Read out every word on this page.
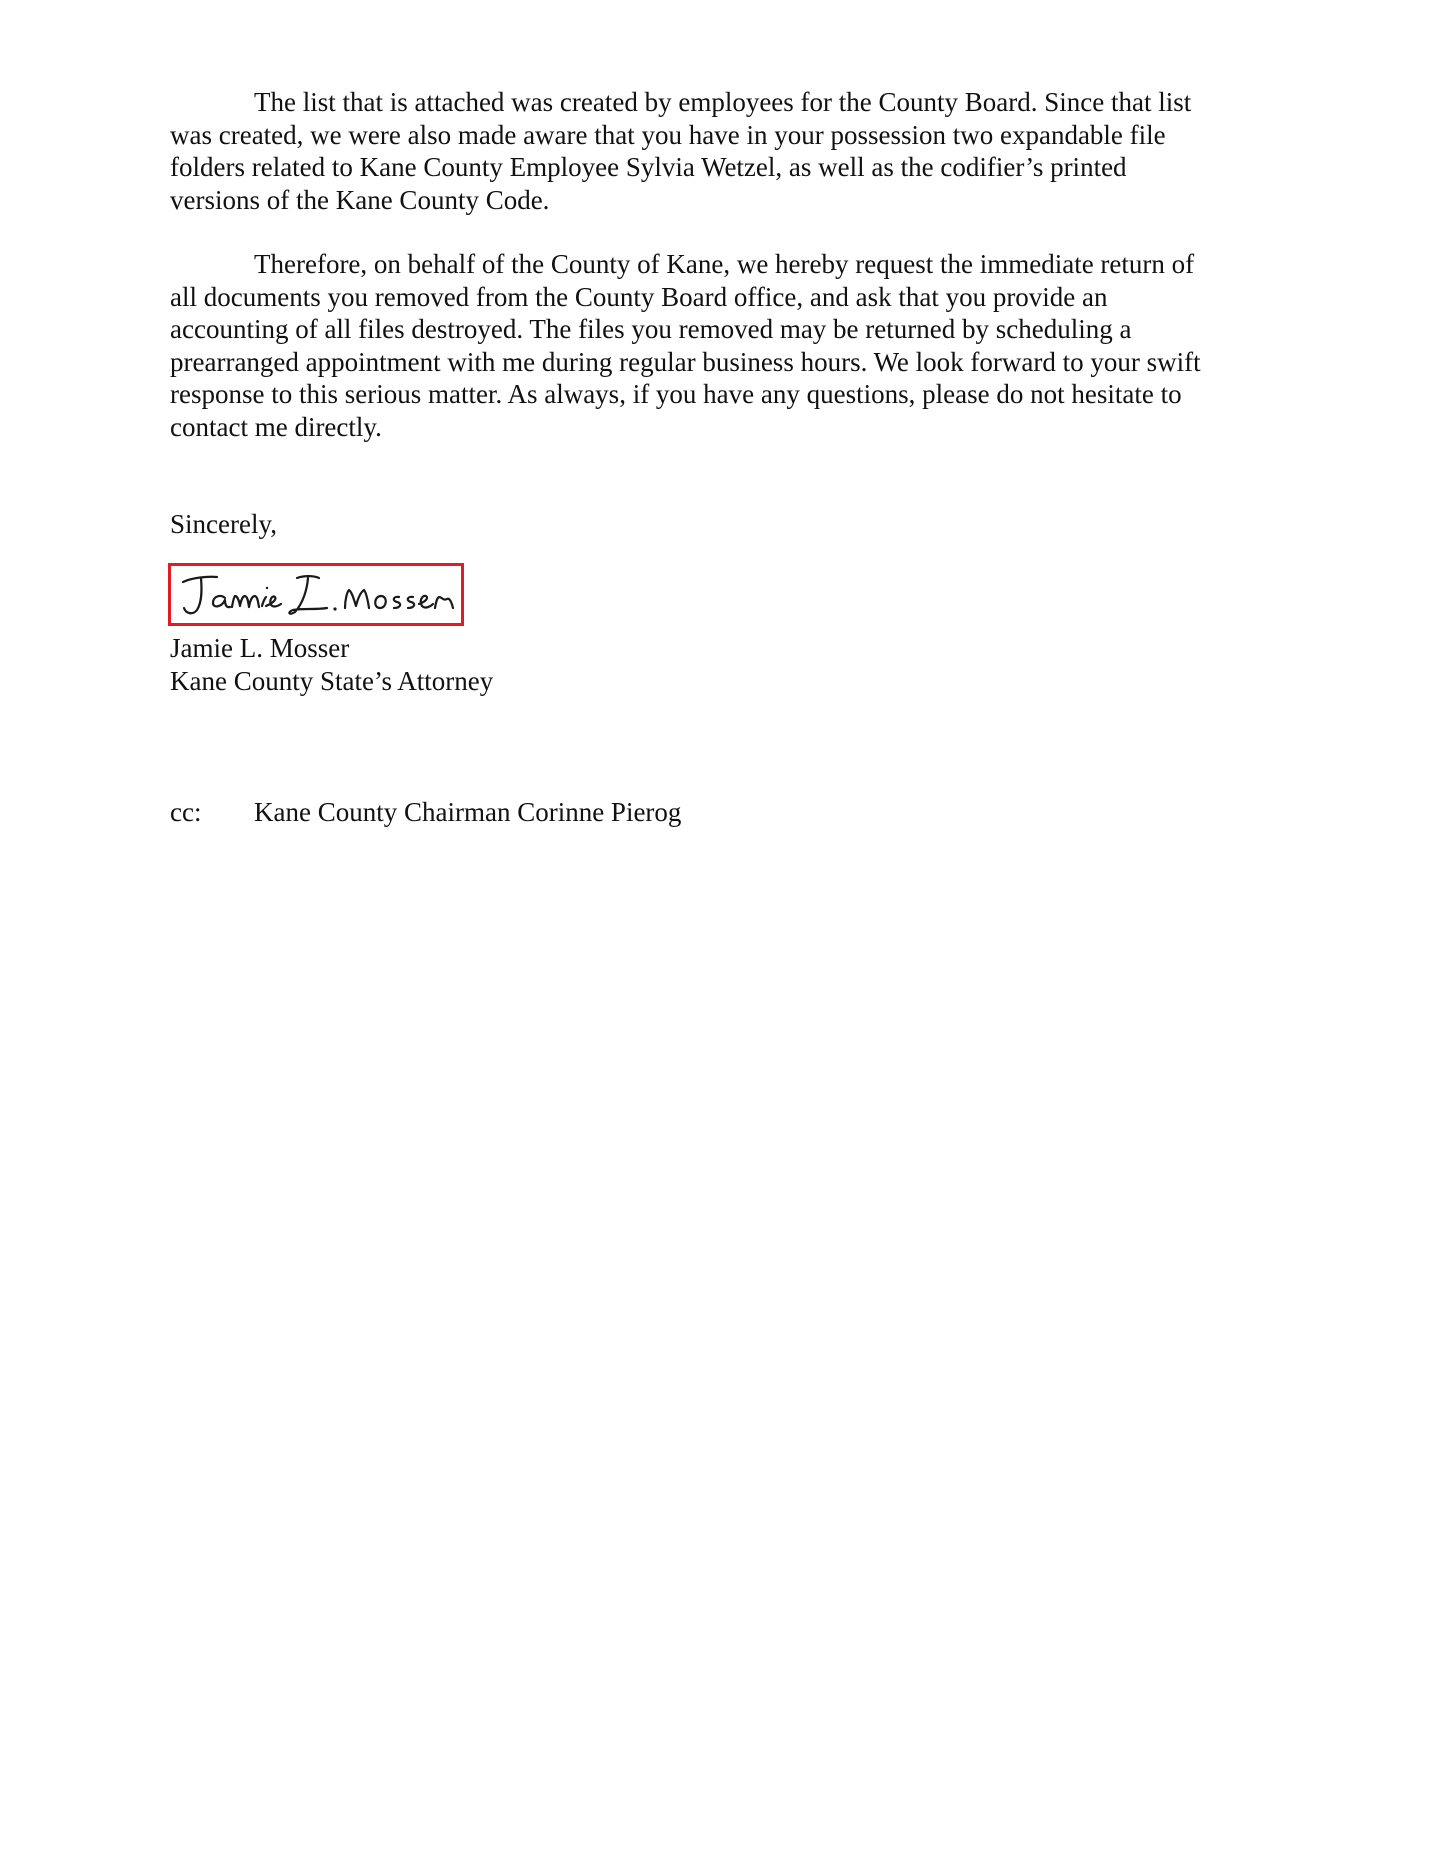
The list that is attached was created by employees for the County Board. Since that list
was created, we were also made aware that you have in your possession two expandable file
folders related to Kane County Employee Sylvia Wetzel, as well as the codifier’s printed
versions of the Kane County Code.
Therefore, on behalf of the County of Kane, we hereby request the immediate return of
all documents you removed from the County Board office, and ask that you provide an
accounting of all files destroyed. The files you removed may be returned by scheduling a
prearranged appointment with me during regular business hours. We look forward to your swift
response to this serious matter. As always, if you have any questions, please do not hesitate to
contact me directly.
Sincerely,
Jamie L. Mosser
Kane County State’s Attorney
cc: Kane County Chairman Corinne Pierog
